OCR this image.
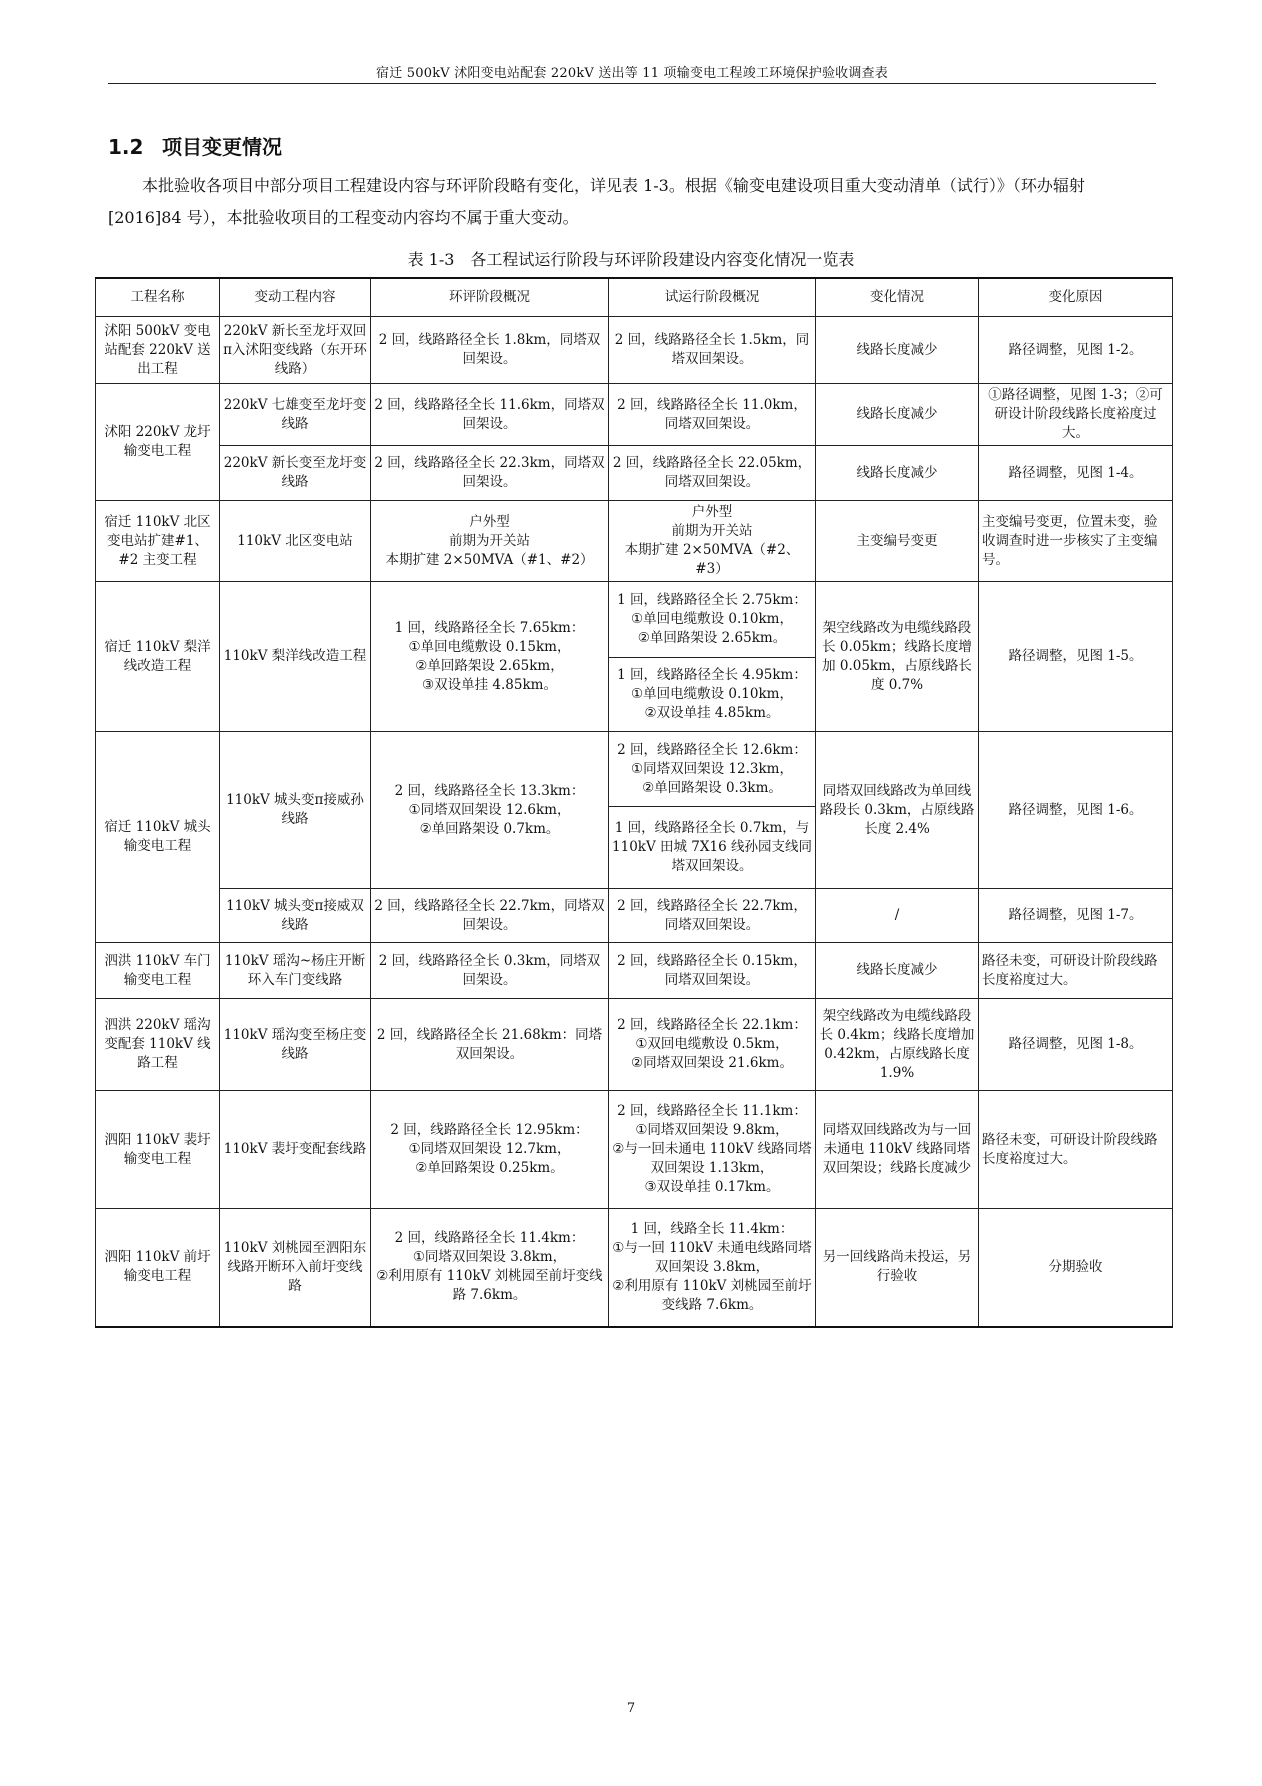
宿迁 500kV 沭阳变电站配套 220kV 送出等 11 项输变电工程竣工环境保护验收调查表
1.2 项目变更情况
本批验收各项目中部分项目工程建设内容与环评阶段略有变化，详见表 1-3。根据《输变电建设项目重大变动清单（试行）》（环办辐射[2016]84 号），本批验收项目的工程变动内容均不属于重大变动。
表 1-3　各工程试运行阶段与环评阶段建设内容变化情况一览表
工程名称	变动工程内容	环评阶段概况	试运行阶段概况	变化情况	变化原因
沭阳 500kV 变电站配套 220kV 送出工程	220kV 新长至龙圩双回π入沭阳变线路（东开环线路）	2 回，线路路径全长 1.8km，同塔双回架设。	2 回，线路路径全长 1.5km，同塔双回架设。	线路长度减少	路径调整，见图 1-2。
沭阳 220kV 龙圩输变电工程	220kV 七雄变至龙圩变线路	2 回，线路路径全长 11.6km，同塔双回架设。	2 回，线路路径全长 11.0km，同塔双回架设。	线路长度减少	①路径调整，见图 1-3；②可研设计阶段线路长度裕度过大。
	220kV 新长变至龙圩变线路	2 回，线路路径全长 22.3km，同塔双回架设。	2 回，线路路径全长 22.05km，同塔双回架设。	线路长度减少	路径调整，见图 1-4。
宿迁 110kV 北区变电站扩建#1、#2 主变工程	110kV 北区变电站	户外型
前期为开关站
本期扩建 2×50MVA（#1、#2）	户外型
前期为开关站
本期扩建 2×50MVA（#2、#3）	主变编号变更	主变编号变更，位置未变，验收调查时进一步核实了主变编号。
宿迁 110kV 梨洋线改造工程	110kV 梨洋线改造工程	1 回，线路路径全长 7.65km：
①单回电缆敷设 0.15km，
②单回路架设 2.65km，
③双设单挂 4.85km。	1 回，线路路径全长 2.75km：
①单回电缆敷设 0.10km，
②单回路架设 2.65km。	架空线路改为电缆线路段长 0.05km；线路长度增加 0.05km，占原线路长度 0.7%	路径调整，见图 1-5。
			1 回，线路路径全长 4.95km：
①单回电缆敷设 0.10km，
②双设单挂 4.85km。		
宿迁 110kV 城头输变电工程	110kV 城头变π接威孙线路	2 回，线路路径全长 13.3km：
①同塔双回架设 12.6km，
②单回路架设 0.7km。	2 回，线路路径全长 12.6km：
①同塔双回架设 12.3km，
②单回路架设 0.3km。	同塔双回线路改为单回线路段长 0.3km，占原线路长度 2.4%	路径调整，见图 1-6。
			1 回，线路路径全长 0.7km，与 110kV 田城 7X16 线孙园支线同塔双回架设。		
	110kV 城头变π接威双线路	2 回，线路路径全长 22.7km，同塔双回架设。	2 回，线路路径全长 22.7km，同塔双回架设。	/	路径调整，见图 1-7。
泗洪 110kV 车门输变电工程	110kV 瑶沟~杨庄开断环入车门变线路	2 回，线路路径全长 0.3km，同塔双回架设。	2 回，线路路径全长 0.15km，同塔双回架设。	线路长度减少	路径未变，可研设计阶段线路长度裕度过大。
泗洪 220kV 瑶沟变配套 110kV 线路工程	110kV 瑶沟变至杨庄变线路	2 回，线路路径全长 21.68km：同塔双回架设。	2 回，线路路径全长 22.1km：
①双回电缆敷设 0.5km，
②同塔双回架设 21.6km。	架空线路改为电缆线路段长 0.4km；线路长度增加 0.42km，占原线路长度 1.9%	路径调整，见图 1-8。
泗阳 110kV 裴圩输变电工程	110kV 裴圩变配套线路	2 回，线路路径全长 12.95km：
①同塔双回架设 12.7km，
②单回路架设 0.25km。	2 回，线路路径全长 11.1km：
①同塔双回架设 9.8km，
②与一回未通电 110kV 线路同塔双回架设 1.13km，
③双设单挂 0.17km。	同塔双回线路改为与一回未通电 110kV 线路同塔双回架设；线路长度减少	路径未变，可研设计阶段线路长度裕度过大。
泗阳 110kV 前圩输变电工程	110kV 刘桃园至泗阳东线路开断环入前圩变线路	2 回，线路路径全长 11.4km：
①同塔双回架设 3.8km，
②利用原有 110kV 刘桃园至前圩变线路 7.6km。	1 回，线路全长 11.4km：
①与一回 110kV 未通电线路同塔双回架设 3.8km，
②利用原有 110kV 刘桃园至前圩变线路 7.6km。	另一回线路尚未投运，另行验收	分期验收
7
